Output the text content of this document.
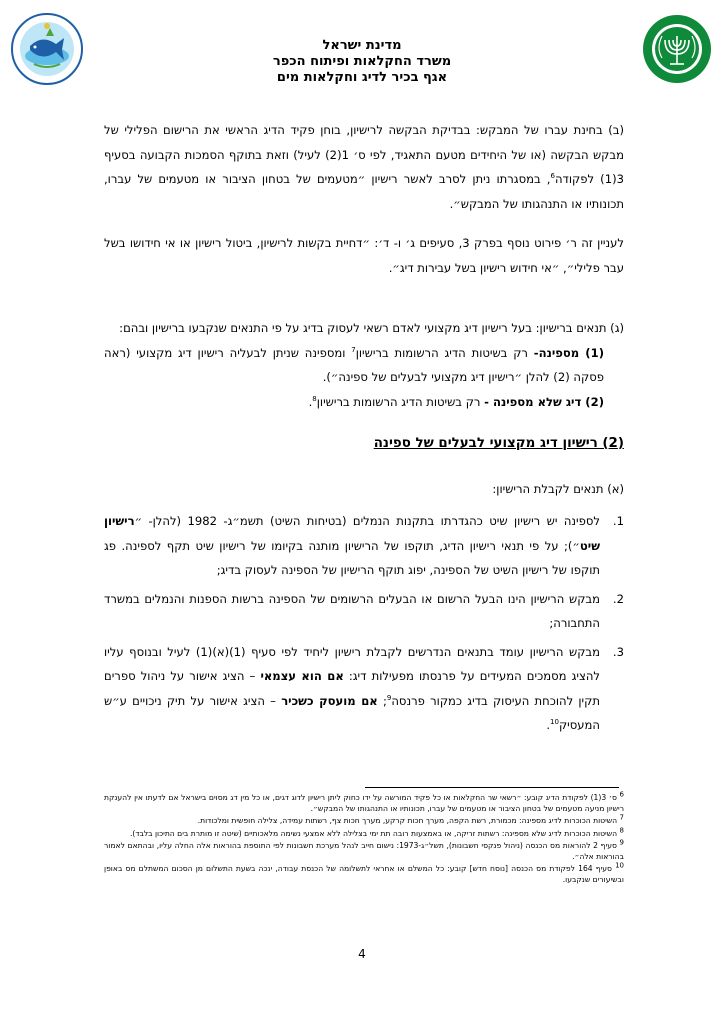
מדינת ישראל
משרד החקלאות ופיתוח הכפר
אגף בכיר לדיג וחקלאות מים

(ב) בחינת עברו של המבקש: בבדיקת הבקשה לרישיון, בוחן פקיד הדיג הראשי את הרישום הפלילי של מבקש הבקשה (או של היחידים מטעם התאגיד, לפי ס׳ 1(2) לעיל) וזאת בתוקף הסמכות הקבועה בסעיף 3(1) לפקודה$^6$, במסגרתו ניתן לסרב לאשר רישיון ״מטעמים של בטחון הציבור או מטעמים של עברו, תכונותיו או התנהגותו של המבקש״.

לעניין זה ר׳ פירוט נוסף בפרק 3, סעיפים ג׳ ו- ד׳: ״דחיית בקשות לרישיון, ביטול רישיון או אי חידושו בשל עבר פלילי״, ״אי חידוש רישיון בשל עבירות דיג״.

(ג) תנאים ברישיון: בעל רישיון דיג מקצועי לאדם רשאי לעסוק בדיג על פי התנאים שנקבעו ברישיון ובהם:

(1) מספינה- רק בשיטות הדיג הרשומות ברישיון$^7$ ומספינה שניתן לבעליה רישיון דיג מקצועי (ראה פסקה (2) להלן ״רישיון דיג מקצועי לבעלים של ספינה״).

(2) דיג שלא מספינה - רק בשיטות הדיג הרשומות ברישיון$^8$.

(2) רישיון דיג מקצועי לבעלים של ספינה

(א) תנאים לקבלת הרישיון:

1.
לספינה יש רישיון שיט כהגדרתו בתקנות הנמלים (בטיחות השיט) תשמ״ג- 1982 (להלן- ״רישיון שיט״); על פי תנאי רישיון הדיג, תוקפו של הרישיון מותנה בקיומו של רישיון שיט תקף לספינה. פג תוקפו של רישיון השיט של הספינה, יפוג תוקף הרישיון של הספינה לעסוק בדיג;
2.
מבקש הרישיון הינו הבעל הרשום או הבעלים הרשומים של הספינה ברשות הספנות והנמלים במשרד התחבורה;
3.
מבקש הרישיון עומד בתנאים הנדרשים לקבלת רישיון ליחיד לפי סעיף (1)(א)(1) לעיל ובנוסף עליו להציג מסמכים המעידים על פרנסתו מפעילות דיג: אם הוא עצמאי – הציג אישור על ניהול ספרים תקין להוכחת העיסוק בדיג כמקור פרנסה$^9$; אם מועסק כשכיר – הציג אישור על תיק ניכויים ע״ש המעסיק$^{10}$.

$^6$ ס׳ 3(1) לפקודת הדיג קובע: ״רשאי שר החקלאות או כל פקיד המורשה על ידו כחוק ליתן רישיון לדוג דגים, או כל מין דג מסוים בישראל אם לדעתו אין להענקת רישיון מניעה מטעמים של בטחון הציבור או מטעמים של עברו, תכונותיו או התנהגותו של המבקש״.

$^7$ השיטות הכוכרות לדיג מספינה: מכמורת, רשת הקפה, מערך חכות קרקע, מערך חכות צף, רשתות עמידה, צלילה חופשית ומלכודות.

$^8$ השיטות הכוכרות לדיג שלא מספינה: רשתות זריקה, או באמצעות רובה תת ימי בצלילה ללא אמצעי נשימה מלאכותיים (שיטה זו מותרת בים התיכון בלבד).

$^9$ סעיף 2 להוראות מס הכנסה (ניהול פנקסי חשבונות), תשל״ג-1973: נישום חייב לנהל מערכת חשבונות לפי התוספת בהוראות אלה החלה עליו, ובהתאם לאמור בהוראות אלה״.

$^{10}$ סעיף 164 לפקודת מס הכנסה [נוסח חדש] קובע: כל המשלם או אחראי לתשלומה של הכנסת עבודה, ינכה בשעת התשלום מן הסכום המשתלם מס באופן ובשיעורים שנקבעו.

4
